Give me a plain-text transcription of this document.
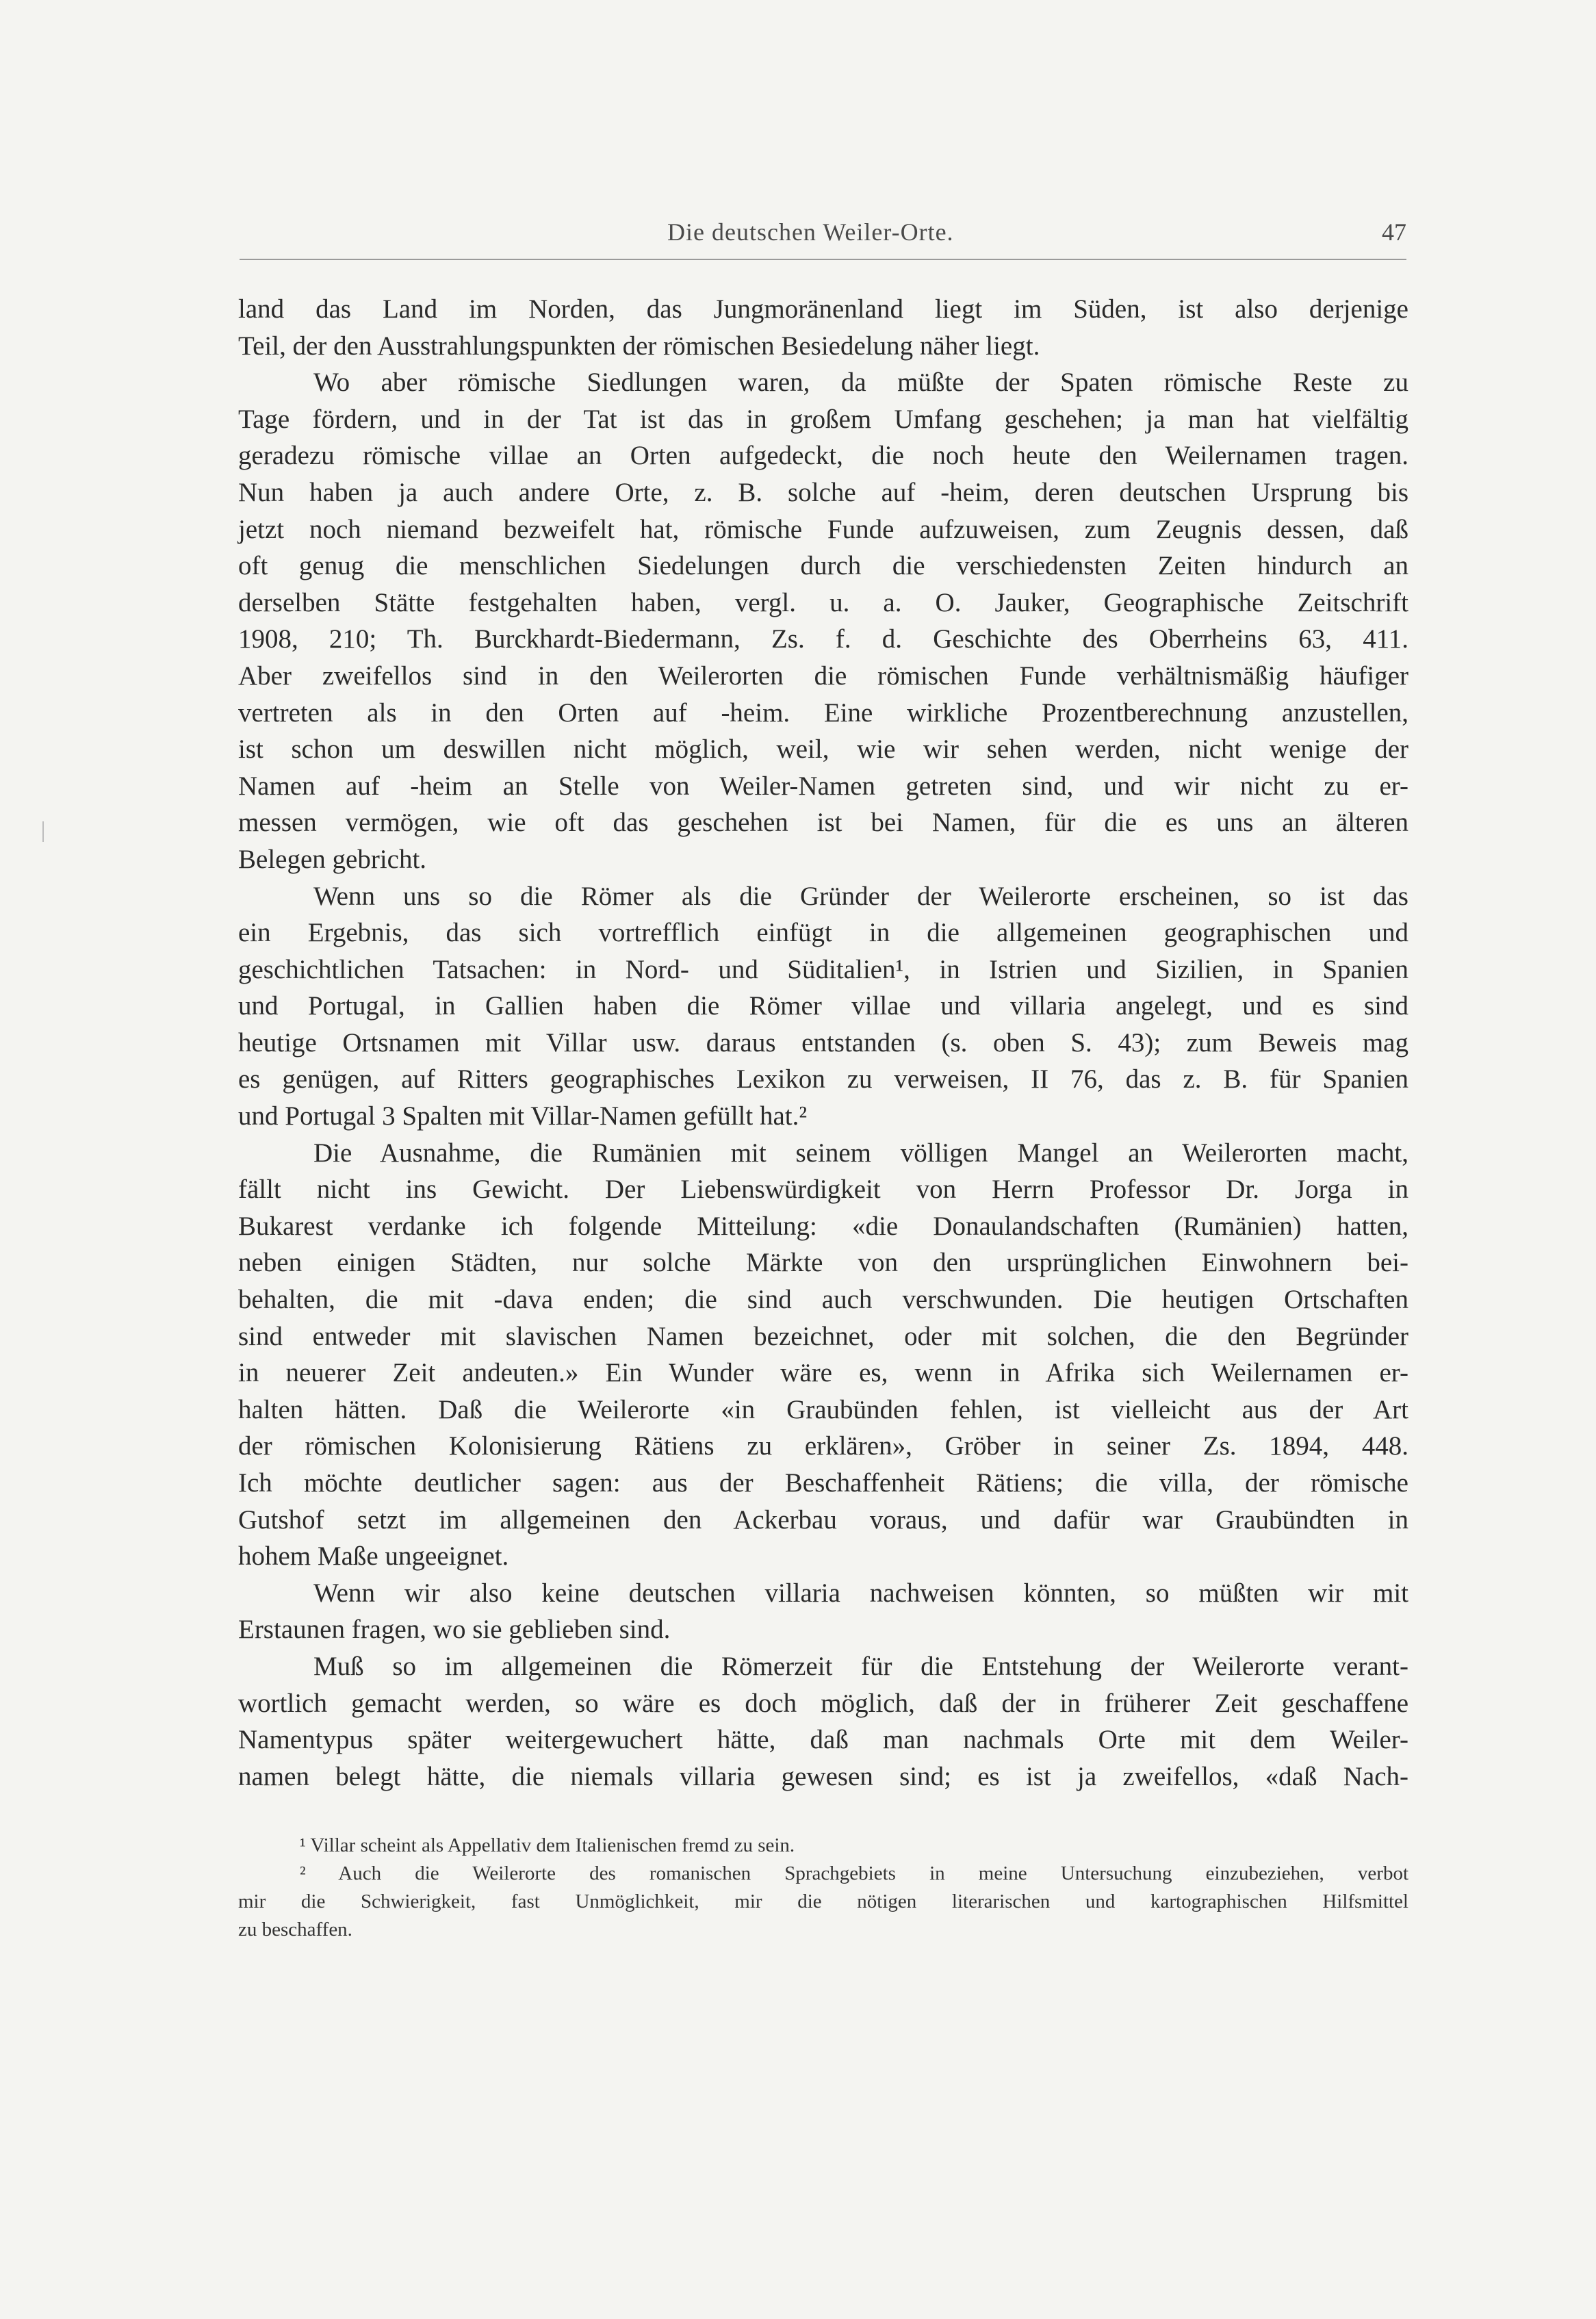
Die deutschen Weiler-Orte.	47
land das Land im Norden, das Jungmoränenland liegt im Süden, ist also derjenige
Teil, der den Ausstrahlungspunkten der römischen Besiedelung näher liegt.
Wo aber römische Siedlungen waren, da müßte der Spaten römische Reste zu
Tage fördern, und in der Tat ist das in großem Umfang geschehen; ja man hat vielfältig
geradezu römische villae an Orten aufgedeckt, die noch heute den Weilernamen tragen.
Nun haben ja auch andere Orte, z. B. solche auf -heim, deren deutschen Ursprung bis
jetzt noch niemand bezweifelt hat, römische Funde aufzuweisen, zum Zeugnis dessen, daß
oft genug die menschlichen Siedelungen durch die verschiedensten Zeiten hindurch an
derselben Stätte festgehalten haben, vergl. u. a. O. Jauker, Geographische Zeitschrift
1908, 210; Th. Burckhardt-Biedermann, Zs. f. d. Geschichte des Oberrheins 63, 411.
Aber zweifellos sind in den Weilerorten die römischen Funde verhältnismäßig häufiger
vertreten als in den Orten auf -heim. Eine wirkliche Prozentberechnung anzustellen,
ist schon um deswillen nicht möglich, weil, wie wir sehen werden, nicht wenige der
Namen auf -heim an Stelle von Weiler-Namen getreten sind, und wir nicht zu er-
messen vermögen, wie oft das geschehen ist bei Namen, für die es uns an älteren
Belegen gebricht.
Wenn uns so die Römer als die Gründer der Weilerorte erscheinen, so ist das
ein Ergebnis, das sich vortrefflich einfügt in die allgemeinen geographischen und
geschichtlichen Tatsachen: in Nord- und Süditalien¹, in Istrien und Sizilien, in Spanien
und Portugal, in Gallien haben die Römer villae und villaria angelegt, und es sind
heutige Ortsnamen mit Villar usw. daraus entstanden (s. oben S. 43); zum Beweis mag
es genügen, auf Ritters geographisches Lexikon zu verweisen, II 76, das z. B. für Spanien
und Portugal 3 Spalten mit Villar-Namen gefüllt hat.²
Die Ausnahme, die Rumänien mit seinem völligen Mangel an Weilerorten macht,
fällt nicht ins Gewicht. Der Liebenswürdigkeit von Herrn Professor Dr. Jorga in
Bukarest verdanke ich folgende Mitteilung: «die Donaulandschaften (Rumänien) hatten,
neben einigen Städten, nur solche Märkte von den ursprünglichen Einwohnern bei-
behalten, die mit -dava enden; die sind auch verschwunden. Die heutigen Ortschaften
sind entweder mit slavischen Namen bezeichnet, oder mit solchen, die den Begründer
in neuerer Zeit andeuten.» Ein Wunder wäre es, wenn in Afrika sich Weilernamen er-
halten hätten. Daß die Weilerorte «in Graubünden fehlen, ist vielleicht aus der Art
der römischen Kolonisierung Rätiens zu erklären», Gröber in seiner Zs. 1894, 448.
Ich möchte deutlicher sagen: aus der Beschaffenheit Rätiens; die villa, der römische
Gutshof setzt im allgemeinen den Ackerbau voraus, und dafür war Graubündten in
hohem Maße ungeeignet.
Wenn wir also keine deutschen villaria nachweisen könnten, so müßten wir mit
Erstaunen fragen, wo sie geblieben sind.
Muß so im allgemeinen die Römerzeit für die Entstehung der Weilerorte verant-
wortlich gemacht werden, so wäre es doch möglich, daß der in früherer Zeit geschaffene
Namentypus später weitergewuchert hätte, daß man nachmals Orte mit dem Weiler-
namen belegt hätte, die niemals villaria gewesen sind; es ist ja zweifellos, «daß Nach-
¹ Villar scheint als Appellativ dem Italienischen fremd zu sein.
² Auch die Weilerorte des romanischen Sprachgebiets in meine Untersuchung einzubeziehen, verbot
mir die Schwierigkeit, fast Unmöglichkeit, mir die nötigen literarischen und kartographischen Hilfsmittel
zu beschaffen.
